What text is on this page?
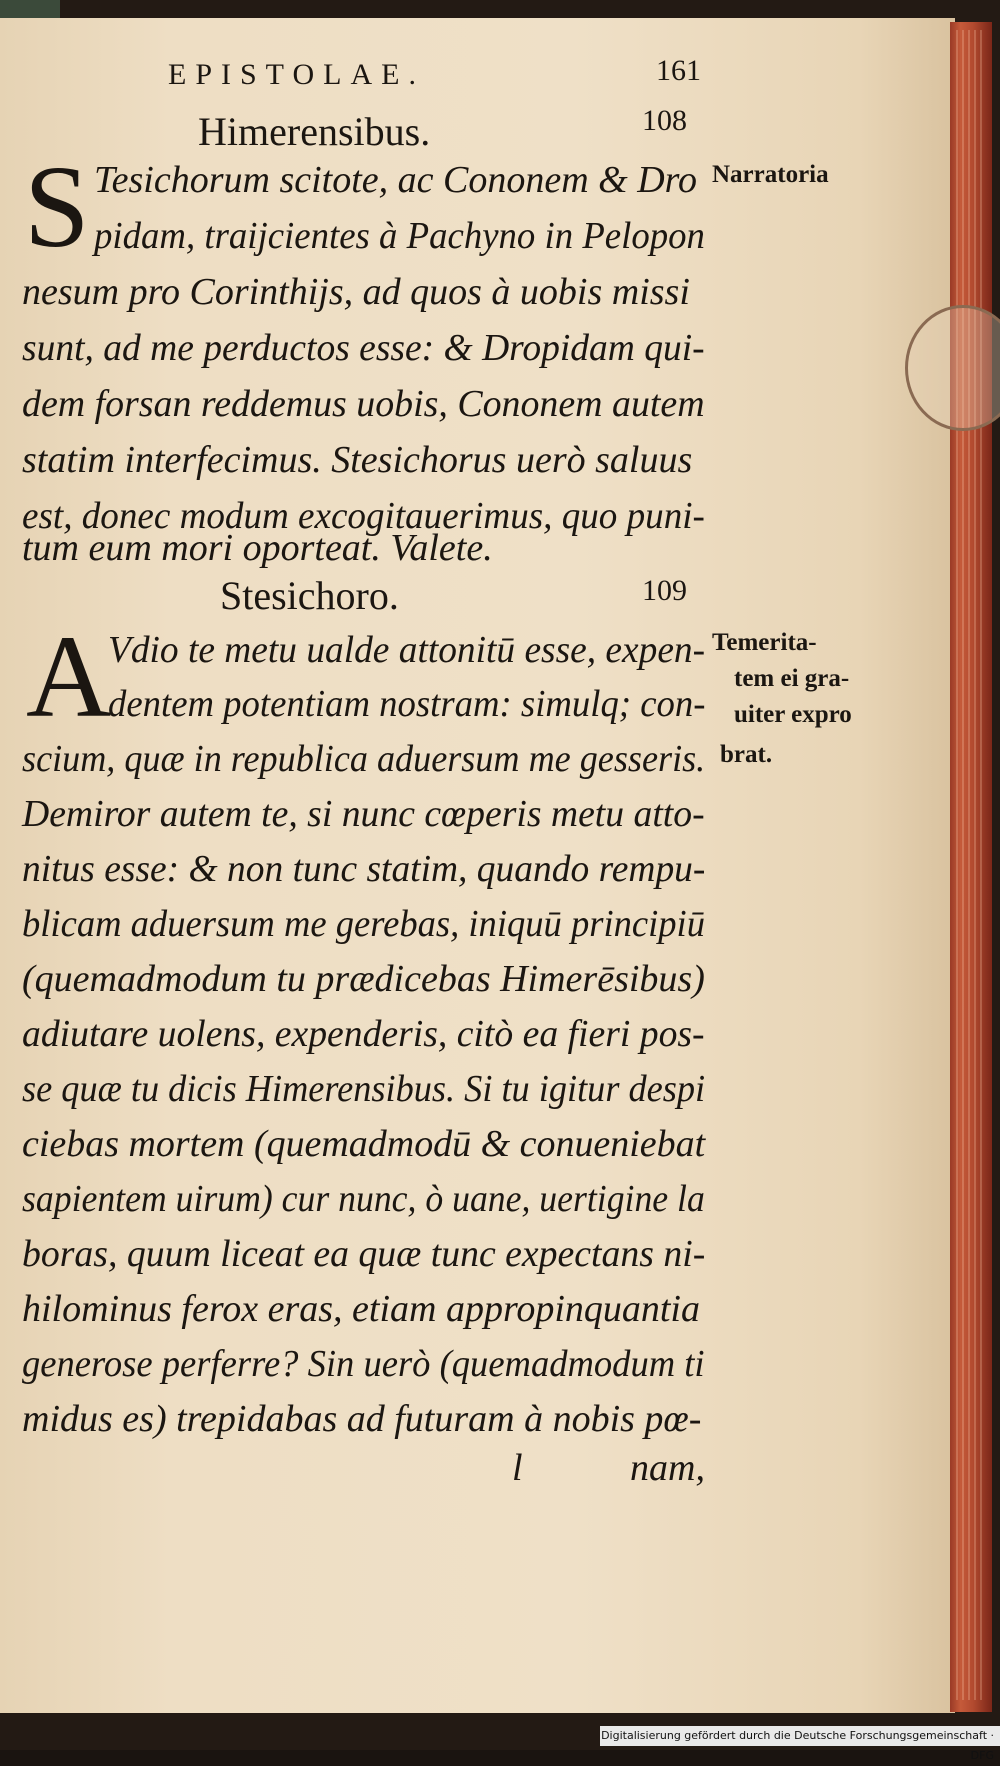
EPISTOLAE.	161
Himerensibus.	108
S Tesichorum scitote, ac Cononem & Dro
pidam, traijcientes à Pachyno in Pelopon
nesum pro Corinthijs, ad quos à uobis missi
sunt, ad me perductos esse: & Dropidam qui-
dem forsan reddemus uobis, Cononem autem
statim interfecimus. Stesichorus uerò saluus
est, donec modum excogitauerimus, quo puni-
tum eum mori oporteat. Valete.
Narratoria
Stesichoro.	109
A
Vdio te metu ualde attonitū esse, expen-
dentem potentiam nostram: simulq; con-
scium, quæ in republica aduersum me gesseris.
Demiror autem te, si nunc cœperis metu atto-
nitus esse: & non tunc statim, quando rempu-
blicam aduersum me gerebas, iniquū principiū
(quemadmodum tu prædicebas Himerēsibus)
adiutare uolens, expenderis, citò ea fieri pos-
se quæ tu dicis Himerensibus. Si tu igitur despi
ciebas mortem (quemadmodū & conueniebat
sapientem uirum) cur nunc, ò uane, uertigine la
boras, quum liceat ea quæ tunc expectans ni-
hilominus ferox eras, etiam appropinquantia
generose perferre? Sin uerò (quemadmodum ti
midus es) trepidabas ad futuram à nobis pœ-
Temerita-
tem ei gra-
uiter expro
brat.
l	nam,
Digitalisierung gefördert durch die Deutsche Forschungsgemeinschaft · DFG
